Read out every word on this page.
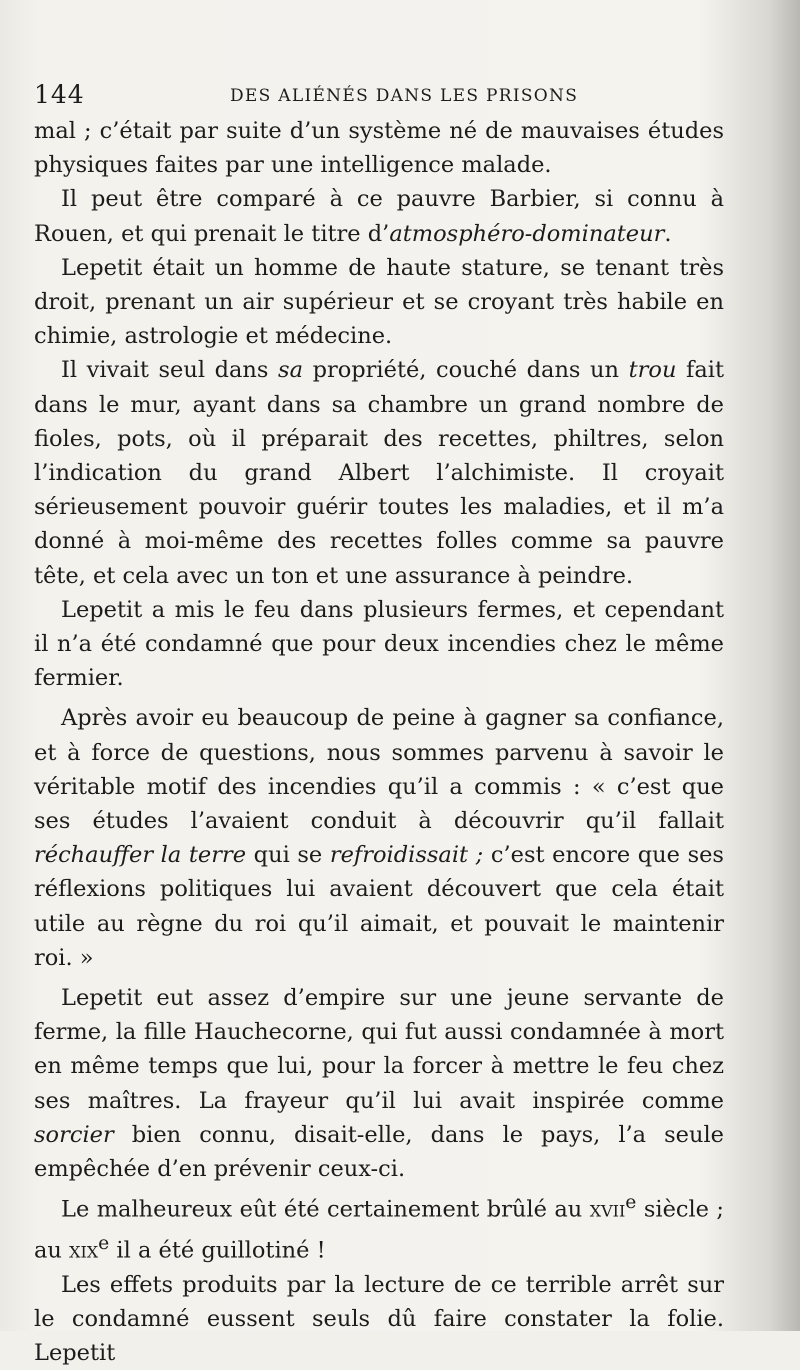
144	DES ALIÉNÉS DANS LES PRISONS

mal ; c’était par suite d’un système né de mauvaises études physiques faites par une intelligence malade.

Il peut être comparé à ce pauvre Barbier, si connu à Rouen, et qui prenait le titre d’atmosphéro-dominateur.

Lepetit était un homme de haute stature, se tenant très droit, prenant un air supérieur et se croyant très habile en chimie, astrologie et médecine.

Il vivait seul dans sa propriété, couché dans un trou fait dans le mur, ayant dans sa chambre un grand nombre de fioles, pots, où il préparait des recettes, philtres, selon l’indication du grand Albert l’alchimiste. Il croyait sérieusement pouvoir guérir toutes les maladies, et il m’a donné à moi-même des recettes folles comme sa pauvre tête, et cela avec un ton et une assurance à peindre.

Lepetit a mis le feu dans plusieurs fermes, et cependant il n’a été condamné que pour deux incendies chez le même fermier.

Après avoir eu beaucoup de peine à gagner sa confiance, et à force de questions, nous sommes parvenu à savoir le véritable motif des incendies qu’il a commis : « c’est que ses études l’avaient conduit à découvrir qu’il fallait réchauffer la terre qui se refroidissait ; c’est encore que ses réflexions politiques lui avaient découvert que cela était utile au règne du roi qu’il aimait, et pouvait le maintenir roi. »

Lepetit eut assez d’empire sur une jeune servante de ferme, la fille Hauchecorne, qui fut aussi condamnée à mort en même temps que lui, pour la forcer à mettre le feu chez ses maîtres. La frayeur qu’il lui avait inspirée comme sorcier bien connu, disait-elle, dans le pays, l’a seule empêchée d’en prévenir ceux-ci.

Le malheureux eût été certainement brûlé au xvii$^e$ siècle ; au xix$^e$ il a été guillotiné !

Les effets produits par la lecture de ce terrible arrêt sur le condamné eussent seuls dû faire constater la folie. Lepetit
